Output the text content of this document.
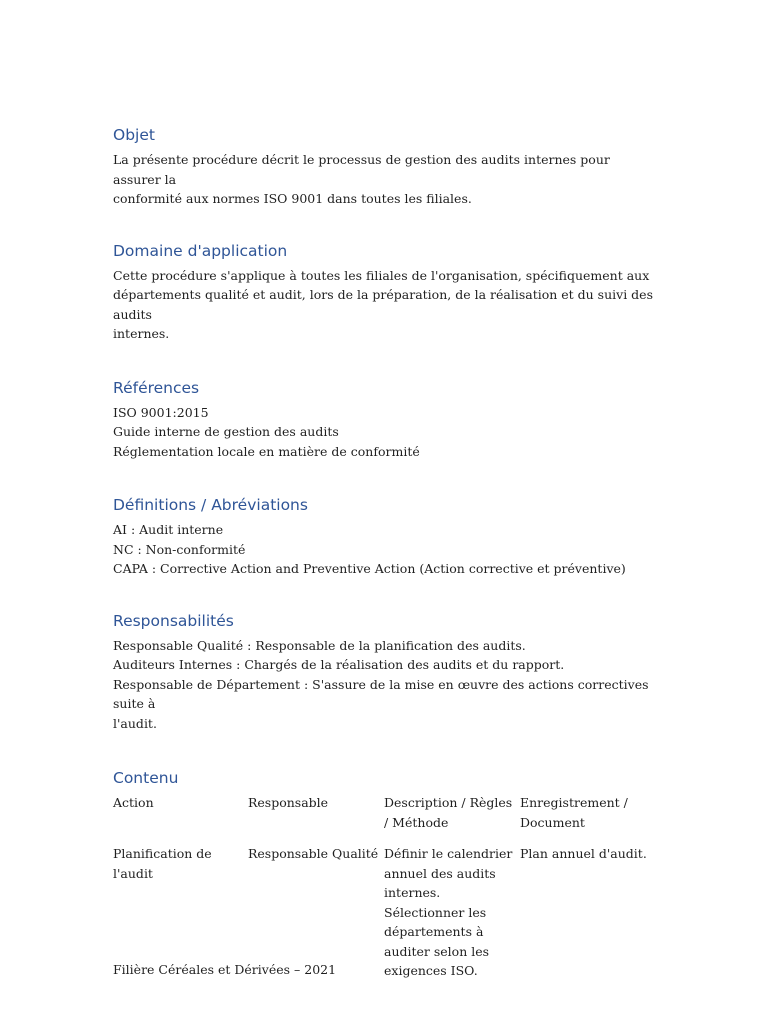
Objet

La présente procédure décrit le processus de gestion des audits internes pour assurer la
conformité aux normes ISO 9001 dans toutes les filiales.

Domaine d'application

Cette procédure s'applique à toutes les filiales de l'organisation, spécifiquement aux
départements qualité et audit, lors de la préparation, de la réalisation et du suivi des audits
internes.

Références

ISO 9001:2015
Guide interne de gestion des audits
Réglementation locale en matière de conformité

Définitions / Abréviations

AI : Audit interne
NC : Non-conformité
CAPA : Corrective Action and Preventive Action (Action corrective et préventive)

Responsabilités

Responsable Qualité : Responsable de la planification des audits.
Auditeurs Internes : Chargés de la réalisation des audits et du rapport.
Responsable de Département : S'assure de la mise en œuvre des actions correctives suite à
l'audit.

Contenu
Action	Responsable	Description / Règles / Méthode	Enregistrement / Document
Planification de l'audit	Responsable Qualité	Définir le calendrier annuel des audits internes. Sélectionner les départements à auditer selon les exigences ISO.	Plan annuel d'audit.
Filière Céréales et Dérivées – 2021
